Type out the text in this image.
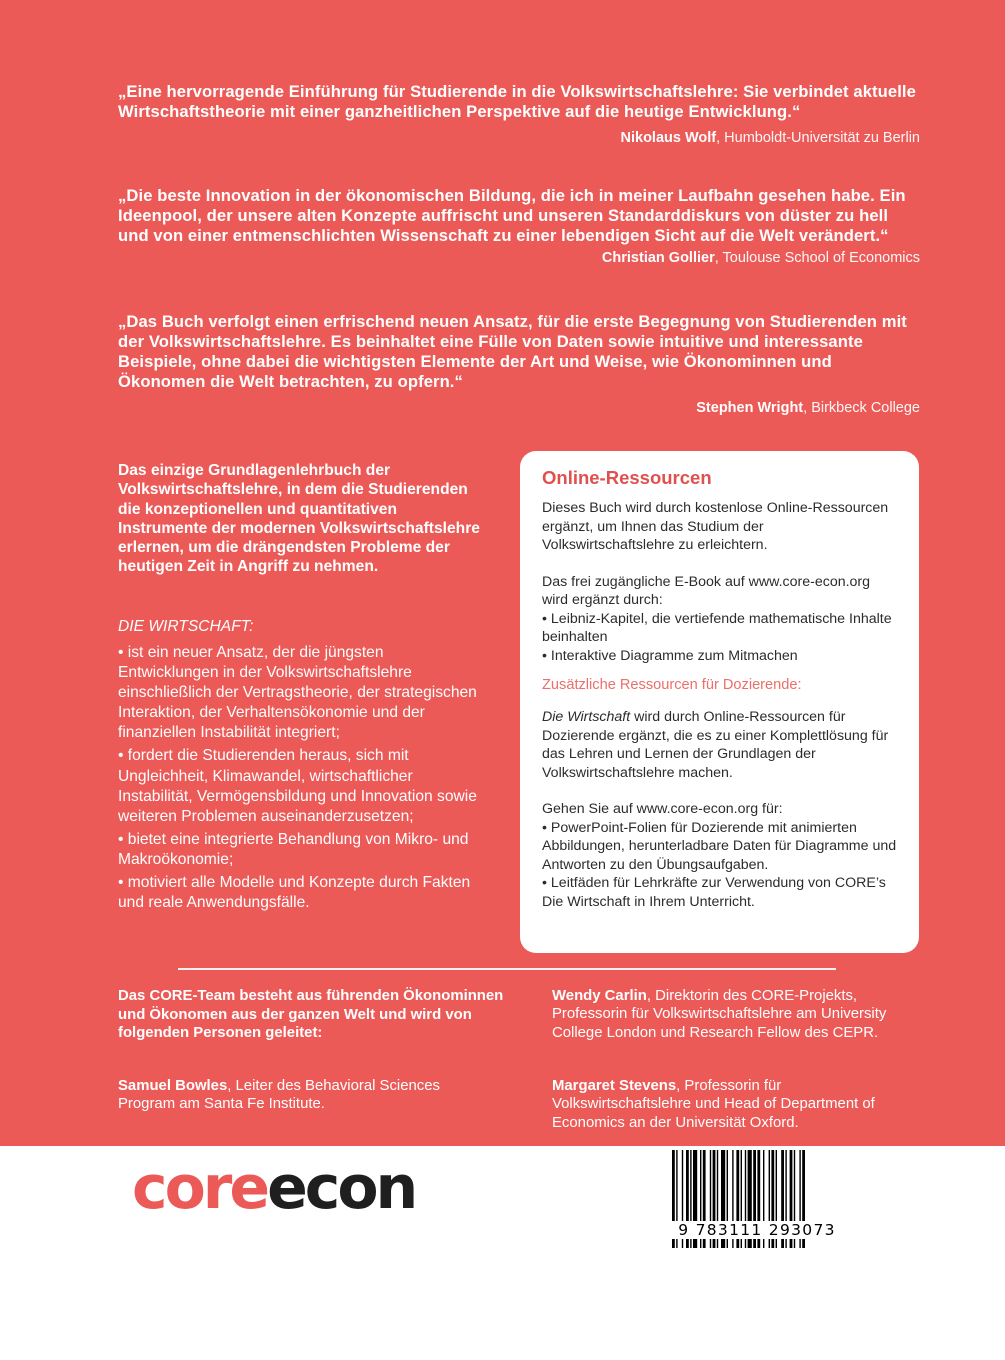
„Eine hervorragende Einführung für Studierende in die Volkswirtschaftslehre: Sie verbindet aktuelle Wirtschaftstheorie mit einer ganzheitlichen Perspektive auf die heutige Entwicklung.“
Nikolaus Wolf, Humboldt-Universität zu Berlin
„Die beste Innovation in der ökonomischen Bildung, die ich in meiner Laufbahn gesehen habe. Ein Ideenpool, der unsere alten Konzepte auffrischt und unseren Standarddiskurs von düster zu hell und von einer entmenschlichten Wissenschaft zu einer lebendigen Sicht auf die Welt verändert.“
Christian Gollier, Toulouse School of Economics
„Das Buch verfolgt einen erfrischend neuen Ansatz, für die erste Begegnung von Studierenden mit der Volkswirtschaftslehre. Es beinhaltet eine Fülle von Daten sowie intuitive und interessante Beispiele, ohne dabei die wichtigsten Elemente der Art und Weise, wie Ökonominnen und Ökonomen die Welt betrachten, zu opfern.“
Stephen Wright, Birkbeck College
Das einzige Grundlagenlehrbuch der Volkswirtschaftslehre, in dem die Studierenden die konzeptionellen und quantitativen Instrumente der modernen Volkswirtschaftslehre erlernen, um die drängendsten Probleme der heutigen Zeit in Angriff zu nehmen.
DIE WIRTSCHAFT:

• ist ein neuer Ansatz, der die jüngsten Entwicklungen in der Volkswirtschaftslehre einschließlich der Vertragstheorie, der strategischen Interaktion, der Verhaltensökonomie und der finanziellen Instabilität integriert;

• fordert die Studierenden heraus, sich mit Ungleichheit, Klimawandel, wirtschaftlicher Instabilität, Vermögensbildung und Innovation sowie weiteren Problemen auseinanderzusetzen;

• bietet eine integrierte Behandlung von Mikro- und Makroökonomie;

• motiviert alle Modelle und Konzepte durch Fakten und reale Anwendungsfälle.

Online-Ressourcen

Dieses Buch wird durch kostenlose Online-Ressourcen ergänzt, um Ihnen das Studium der Volkswirtschaftslehre zu erleichtern.

Das frei zugängliche E-Book auf www.core-econ.org wird ergänzt durch:

• Leibniz-Kapitel, die vertiefende mathematische Inhalte beinhalten

• Interaktive Diagramme zum Mitmachen

Zusätzliche Ressourcen für Dozierende:

Die Wirtschaft wird durch Online-Ressourcen für Dozierende ergänzt, die es zu einer Komplettlösung für das Lehren und Lernen der Grundlagen der Volkswirtschaftslehre machen.

Gehen Sie auf www.core-econ.org für:

• PowerPoint-Folien für Dozierende mit animierten Abbildungen, herunterladbare Daten für Diagramme und Antworten zu den Übungsaufgaben.

• Leitfäden für Lehrkräfte zur Verwendung von CORE’s Die Wirtschaft in Ihrem Unterricht.

Das CORE-Team besteht aus führenden Ökonominnen und Ökonomen aus der ganzen Welt und wird von folgenden Personen geleitet:
Wendy Carlin, Direktorin des CORE-Projekts, Professorin für Volkswirtschaftslehre am University College London und Research Fellow des CEPR.
Samuel Bowles, Leiter des Behavioral Sciences Program am Santa Fe Institute.
Margaret Stevens, Professorin für Volkswirtschaftslehre und Head of Department of Economics an der Universität Oxford.
coreecon
9 783111 293073
